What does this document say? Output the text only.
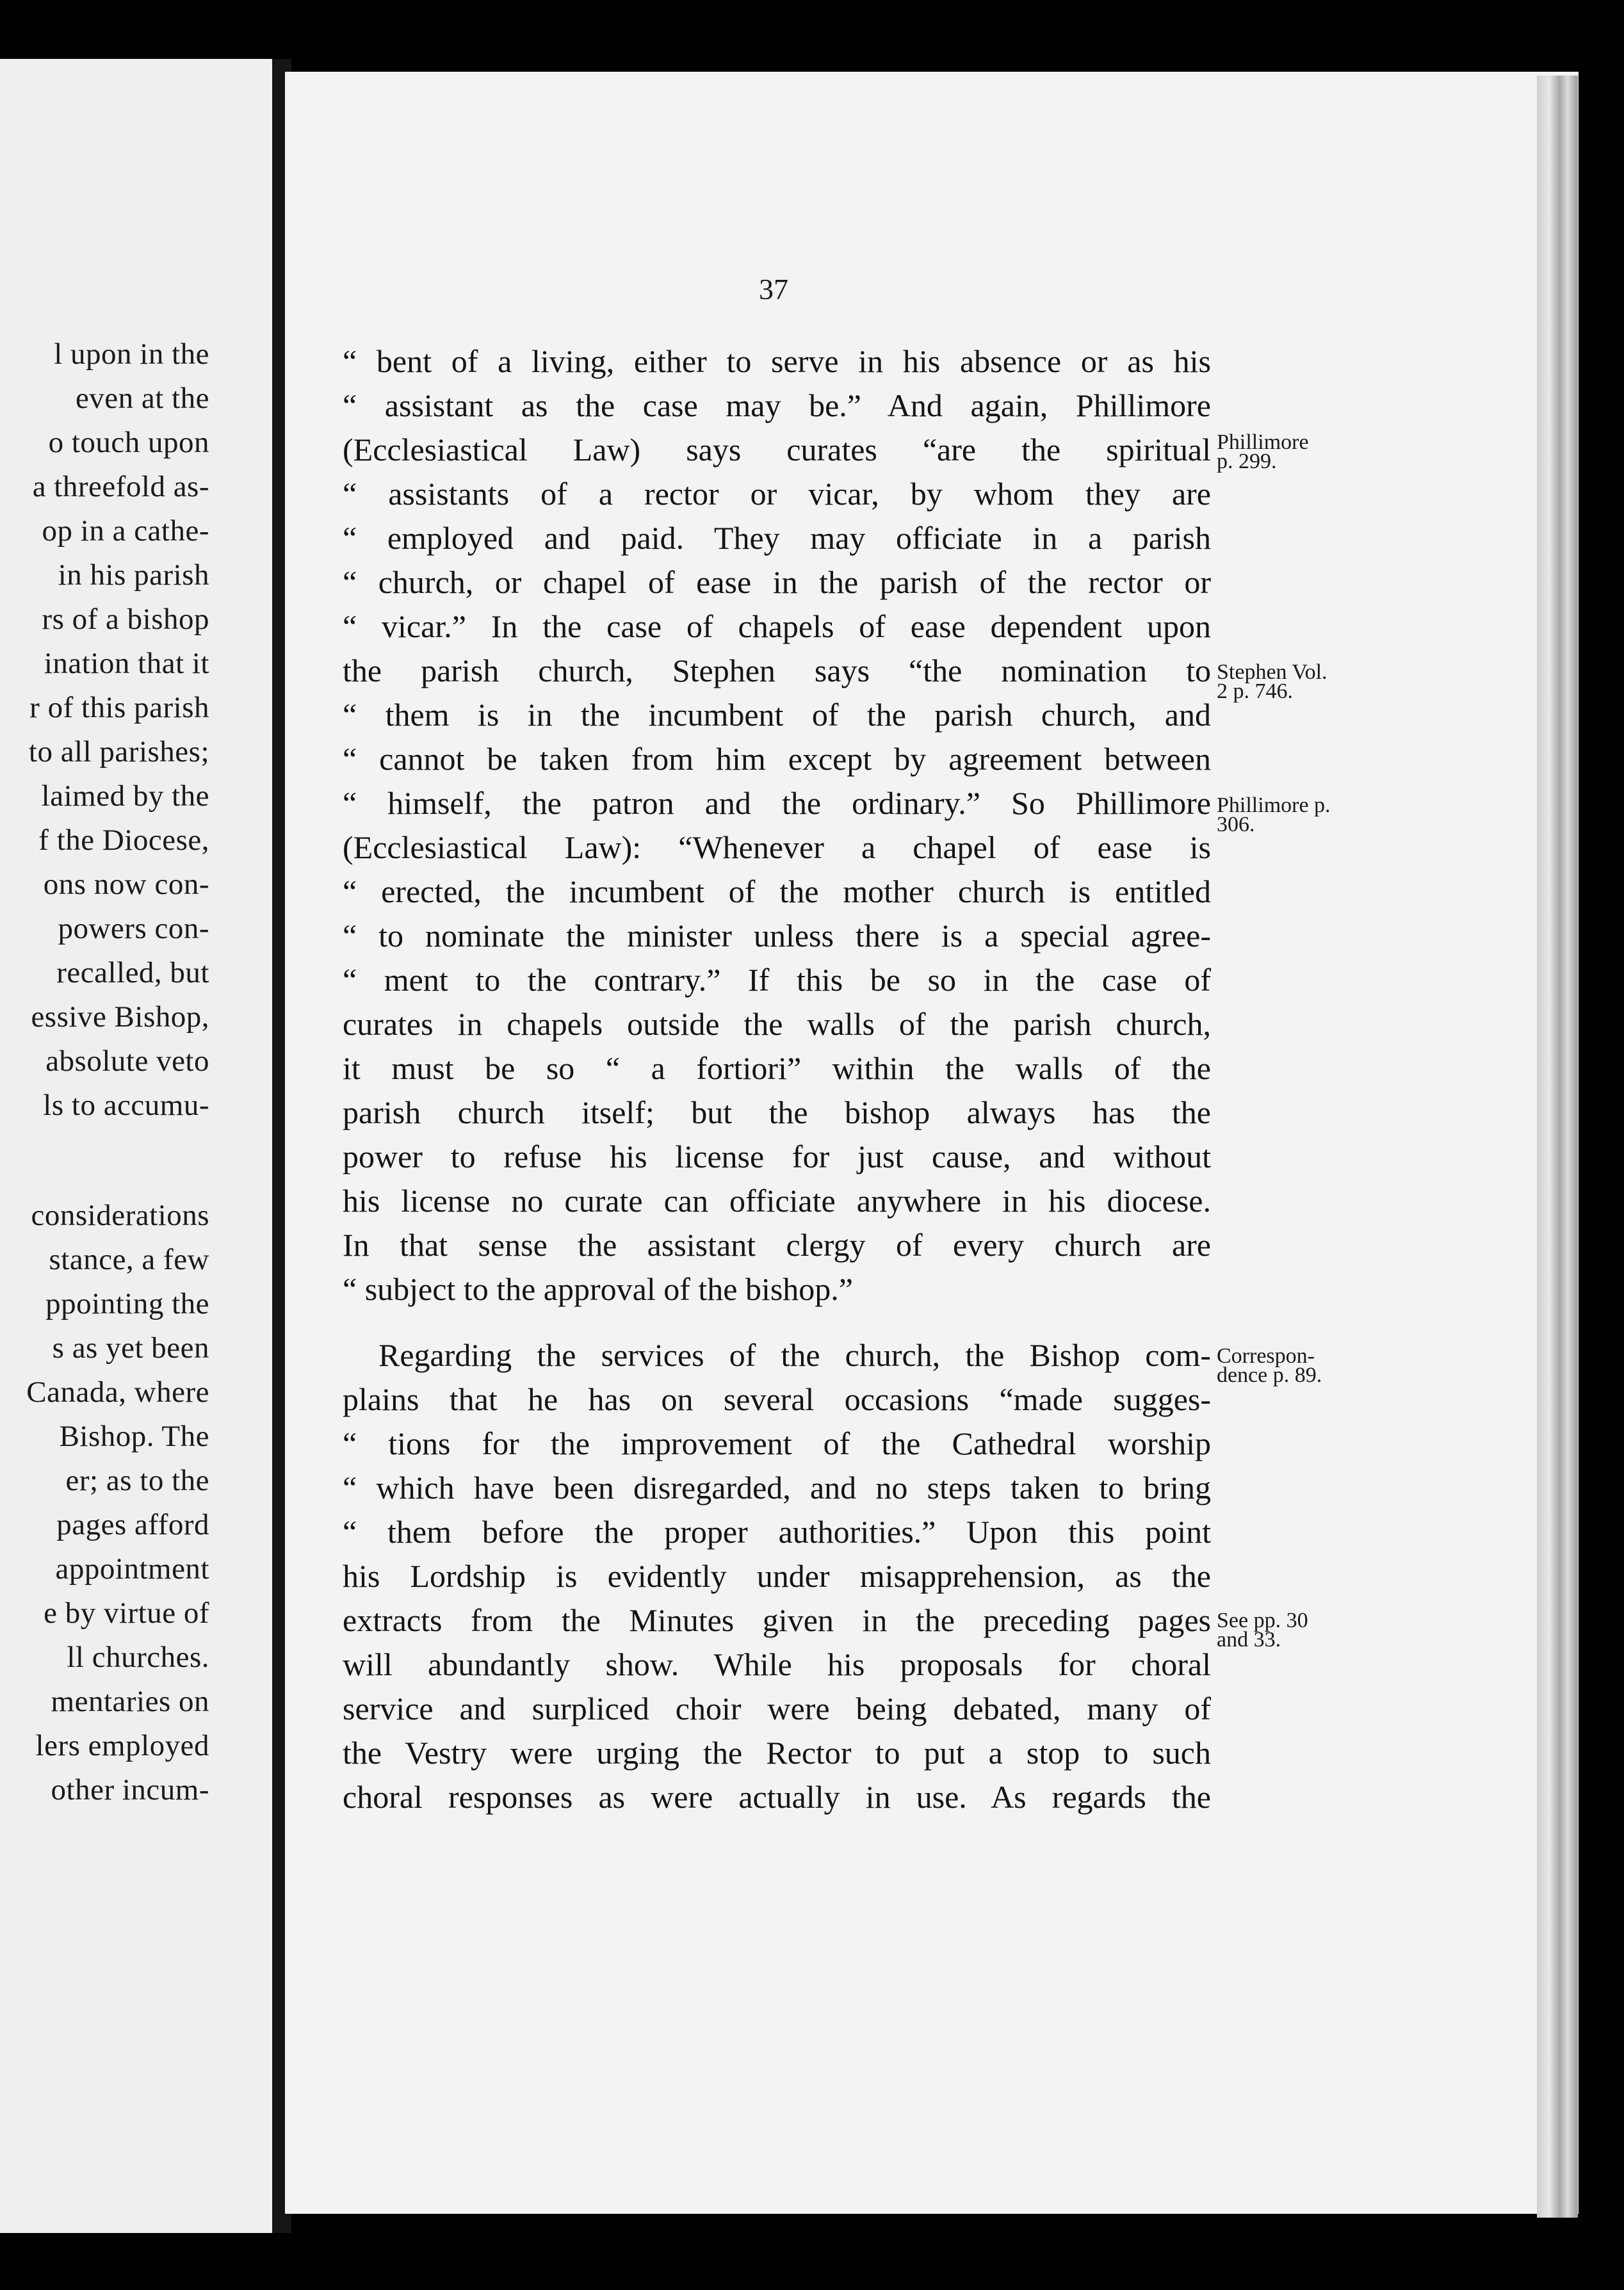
l upon in the
even at the
o touch upon
a threefold as-
op in a cathe-
in his parish
rs of a bishop
ination that it
r of this parish
to all parishes;
laimed by the
f the Diocese,
ons now con-
powers con-
recalled, but
essive Bishop,
absolute veto
ls to accumu-
considerations
stance, a few
ppointing the
s as yet been
Canada, where
Bishop. The
er; as to the
pages afford
appointment
e by virtue of
ll churches.
mentaries on
lers employed
other incum-
37
“ bent of a living, either to serve in his absence or as his
“ assistant as the case may be.” And again, Phillimore
(Ecclesiastical Law) says curates “are the spiritual
“ assistants of a rector or vicar, by whom they are
“ employed and paid. They may officiate in a parish
“ church, or chapel of ease in the parish of the rector or
“ vicar.” In the case of chapels of ease dependent upon
the parish church, Stephen says “the nomination to
“ them is in the incumbent of the parish church, and
“ cannot be taken from him except by agreement between
“ himself, the patron and the ordinary.” So Phillimore
(Ecclesiastical Law): “Whenever a chapel of ease is
“ erected, the incumbent of the mother church is entitled
“ to nominate the minister unless there is a special agree-
“ ment to the contrary.” If this be so in the case of
curates in chapels outside the walls of the parish church,
it must be so “ a fortiori” within the walls of the
parish church itself; but the bishop always has the
power to refuse his license for just cause, and without
his license no curate can officiate anywhere in his diocese.
In that sense the assistant clergy of every church are
“ subject to the approval of the bishop.”
Regarding the services of the church, the Bishop com-
plains that he has on several occasions “made sugges-
“ tions for the improvement of the Cathedral worship
“ which have been disregarded, and no steps taken to bring
“ them before the proper authorities.” Upon this point
his Lordship is evidently under misapprehension, as the
extracts from the Minutes given in the preceding pages
will abundantly show. While his proposals for choral
service and surpliced choir were being debated, many of
the Vestry were urging the Rector to put a stop to such
choral responses as were actually in use. As regards the
Phillimore
p. 299.
Stephen Vol.
2 p. 746.
Phillimore p.
306.
Correspon-
dence p. 89.
See pp. 30
and 33.
